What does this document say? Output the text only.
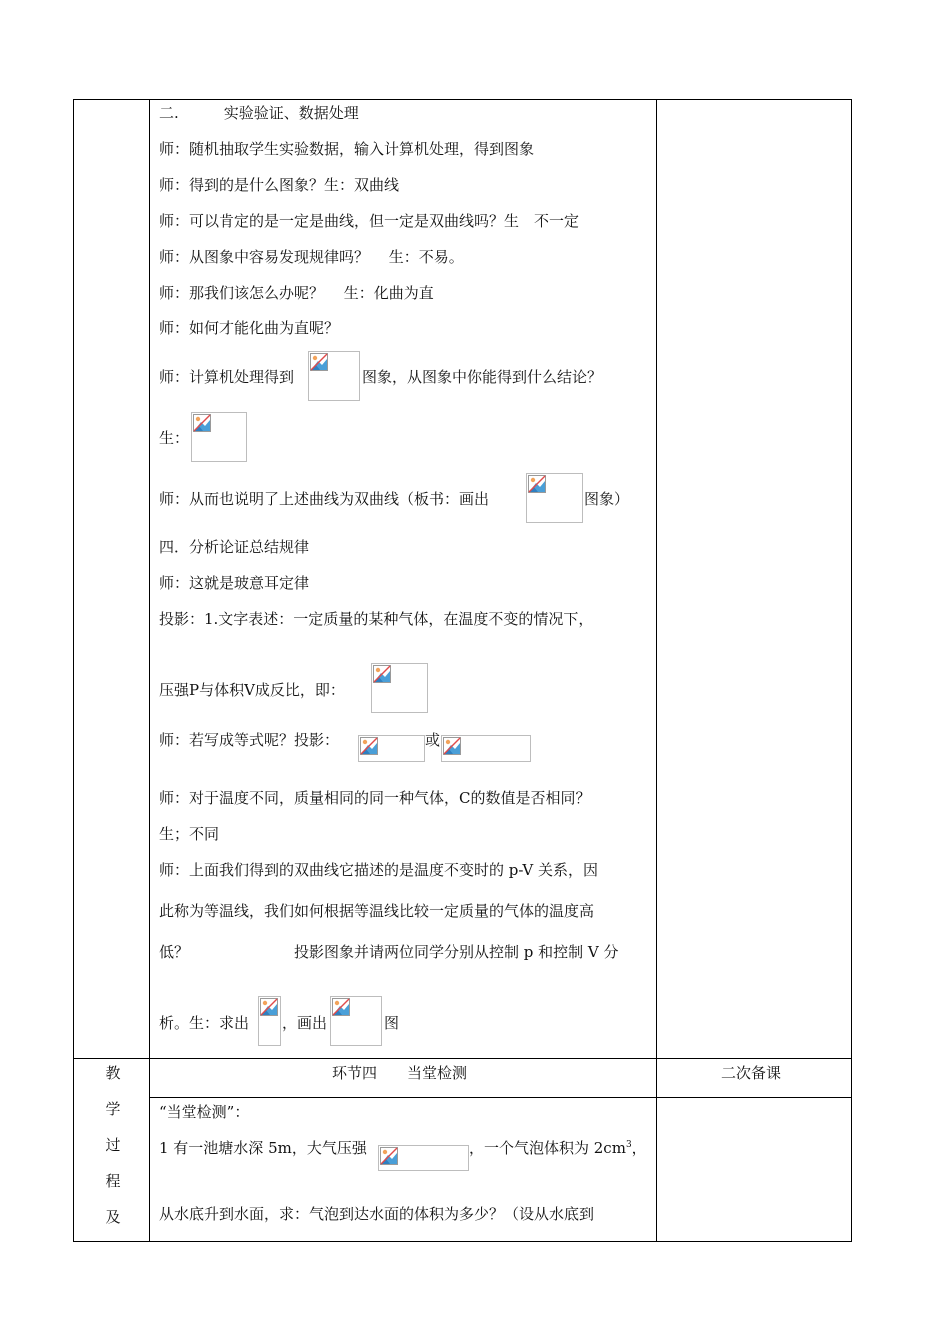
二.　　　实验验证、数据处理
师：随机抽取学生实验数据，输入计算机处理，得到图象
师：得到的是什么图象？生：双曲线
师：可以肯定的是一定是曲线，但一定是双曲线吗？生　不一定
师：从图象中容易发现规律吗？　 生：不易。
师：那我们该怎么办呢？　 生：化曲为直
师：如何才能化曲为直呢？
师：计算机处理得到	图象，从图象中你能得到什么结论？
生：
师：从而也说明了上述曲线为双曲线（板书：画出	图象）
四．分析论证总结规律
师：这就是玻意耳定律
投影：1.文字表述：一定质量的某种气体，在温度不变的情况下，
压强P与体积V成反比，即：
师：若写成等式呢？投影：	或
师：对于温度不同，质量相同的同一种气体，C的数值是否相同？
生；不同
师：上面我们得到的双曲线它描述的是温度不变时的 p-V 关系，因
此称为等温线，我们如何根据等温线比较一定质量的气体的温度高
低？　　　　　　　投影图象并请两位同学分别从控制 p 和控制 V 分
析。生：求出 ，画出	图
教
学
过
程
及
环节四　　当堂检测	二次备课
“当堂检测”：
1 有一池塘水深 5m，大气压强	，一个气泡体积为 $2cm^3$，
从水底升到水面，求：气泡到达水面的体积为多少？（设从水底到
